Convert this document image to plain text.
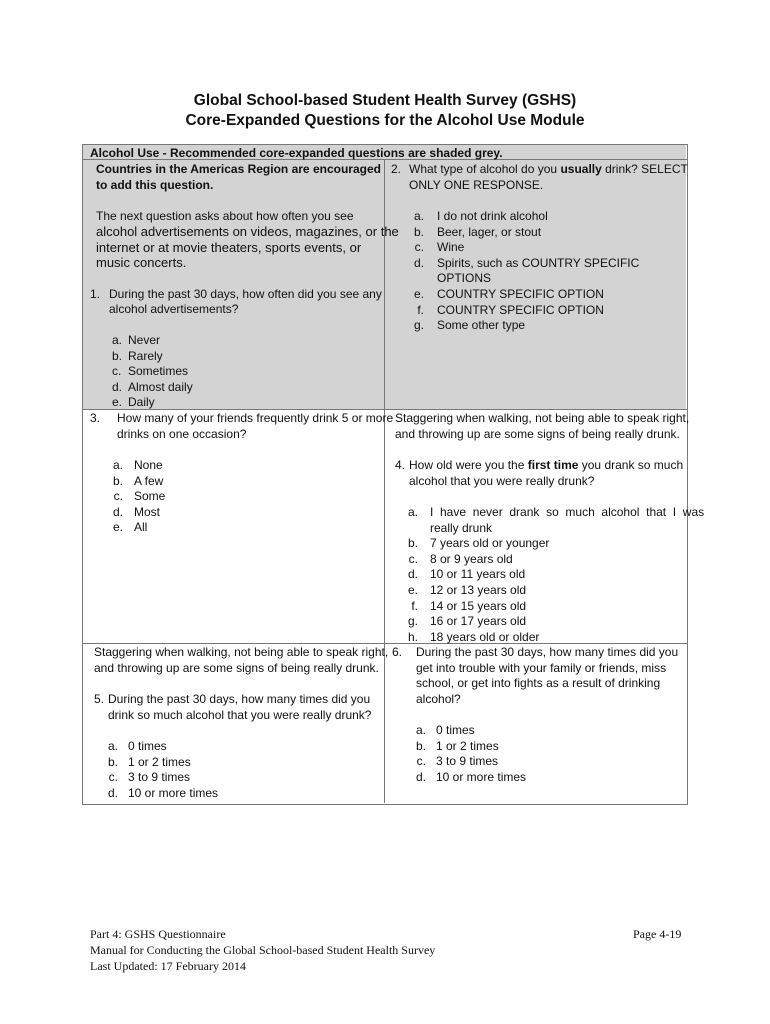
Global School-based Student Health Survey (GSHS)
Core-Expanded Questions for the Alcohol Use Module
Alcohol Use - Recommended core-expanded questions are shaded grey.
Countries in the Americas Region are encouraged
to add this question.
The next question asks about how often you see
alcohol advertisements on videos, magazines, or the
internet or at movie theaters, sports events, or
music concerts.
1. During the past 30 days, how often did you see any
alcohol advertisements?
a. Never
b. Rarely
c. Sometimes
d. Almost daily
e. Daily
2. What type of alcohol do you usually drink? SELECT
ONLY ONE RESPONSE.
a. I do not drink alcohol
b. Beer, lager, or stout
c. Wine
d. Spirits, such as COUNTRY SPECIFIC
OPTIONS
e. COUNTRY SPECIFIC OPTION
f. COUNTRY SPECIFIC OPTION
g. Some other type
3. How many of your friends frequently drink 5 or more
drinks on one occasion?
a. None
b. A few
c. Some
d. Most
e. All
Staggering when walking, not being able to speak right,
and throwing up are some signs of being really drunk.
4. How old were you the first time you drank so much
alcohol that you were really drunk?
a. I  have  never  drank  so  much  alcohol  that  I  was
really drunk
b. 7 years old or younger
c. 8 or 9 years old
d. 10 or 11 years old
e. 12 or 13 years old
f. 14 or 15 years old
g. 16 or 17 years old
h. 18 years old or older
Staggering when walking, not being able to speak right,
and throwing up are some signs of being really drunk.
5. During the past 30 days, how many times did you
drink so much alcohol that you were really drunk?
a. 0 times
b. 1 or 2 times
c. 3 to 9 times
d. 10 or more times
6. During the past 30 days, how many times did you
get into trouble with your family or friends, miss
school, or get into fights as a result of drinking
alcohol?
a. 0 times
b. 1 or 2 times
c. 3 to 9 times
d. 10 or more times
Part 4: GSHS Questionnaire
Manual for Conducting the Global School-based Student Health Survey
Last Updated: 17 February 2014
Page 4-19
